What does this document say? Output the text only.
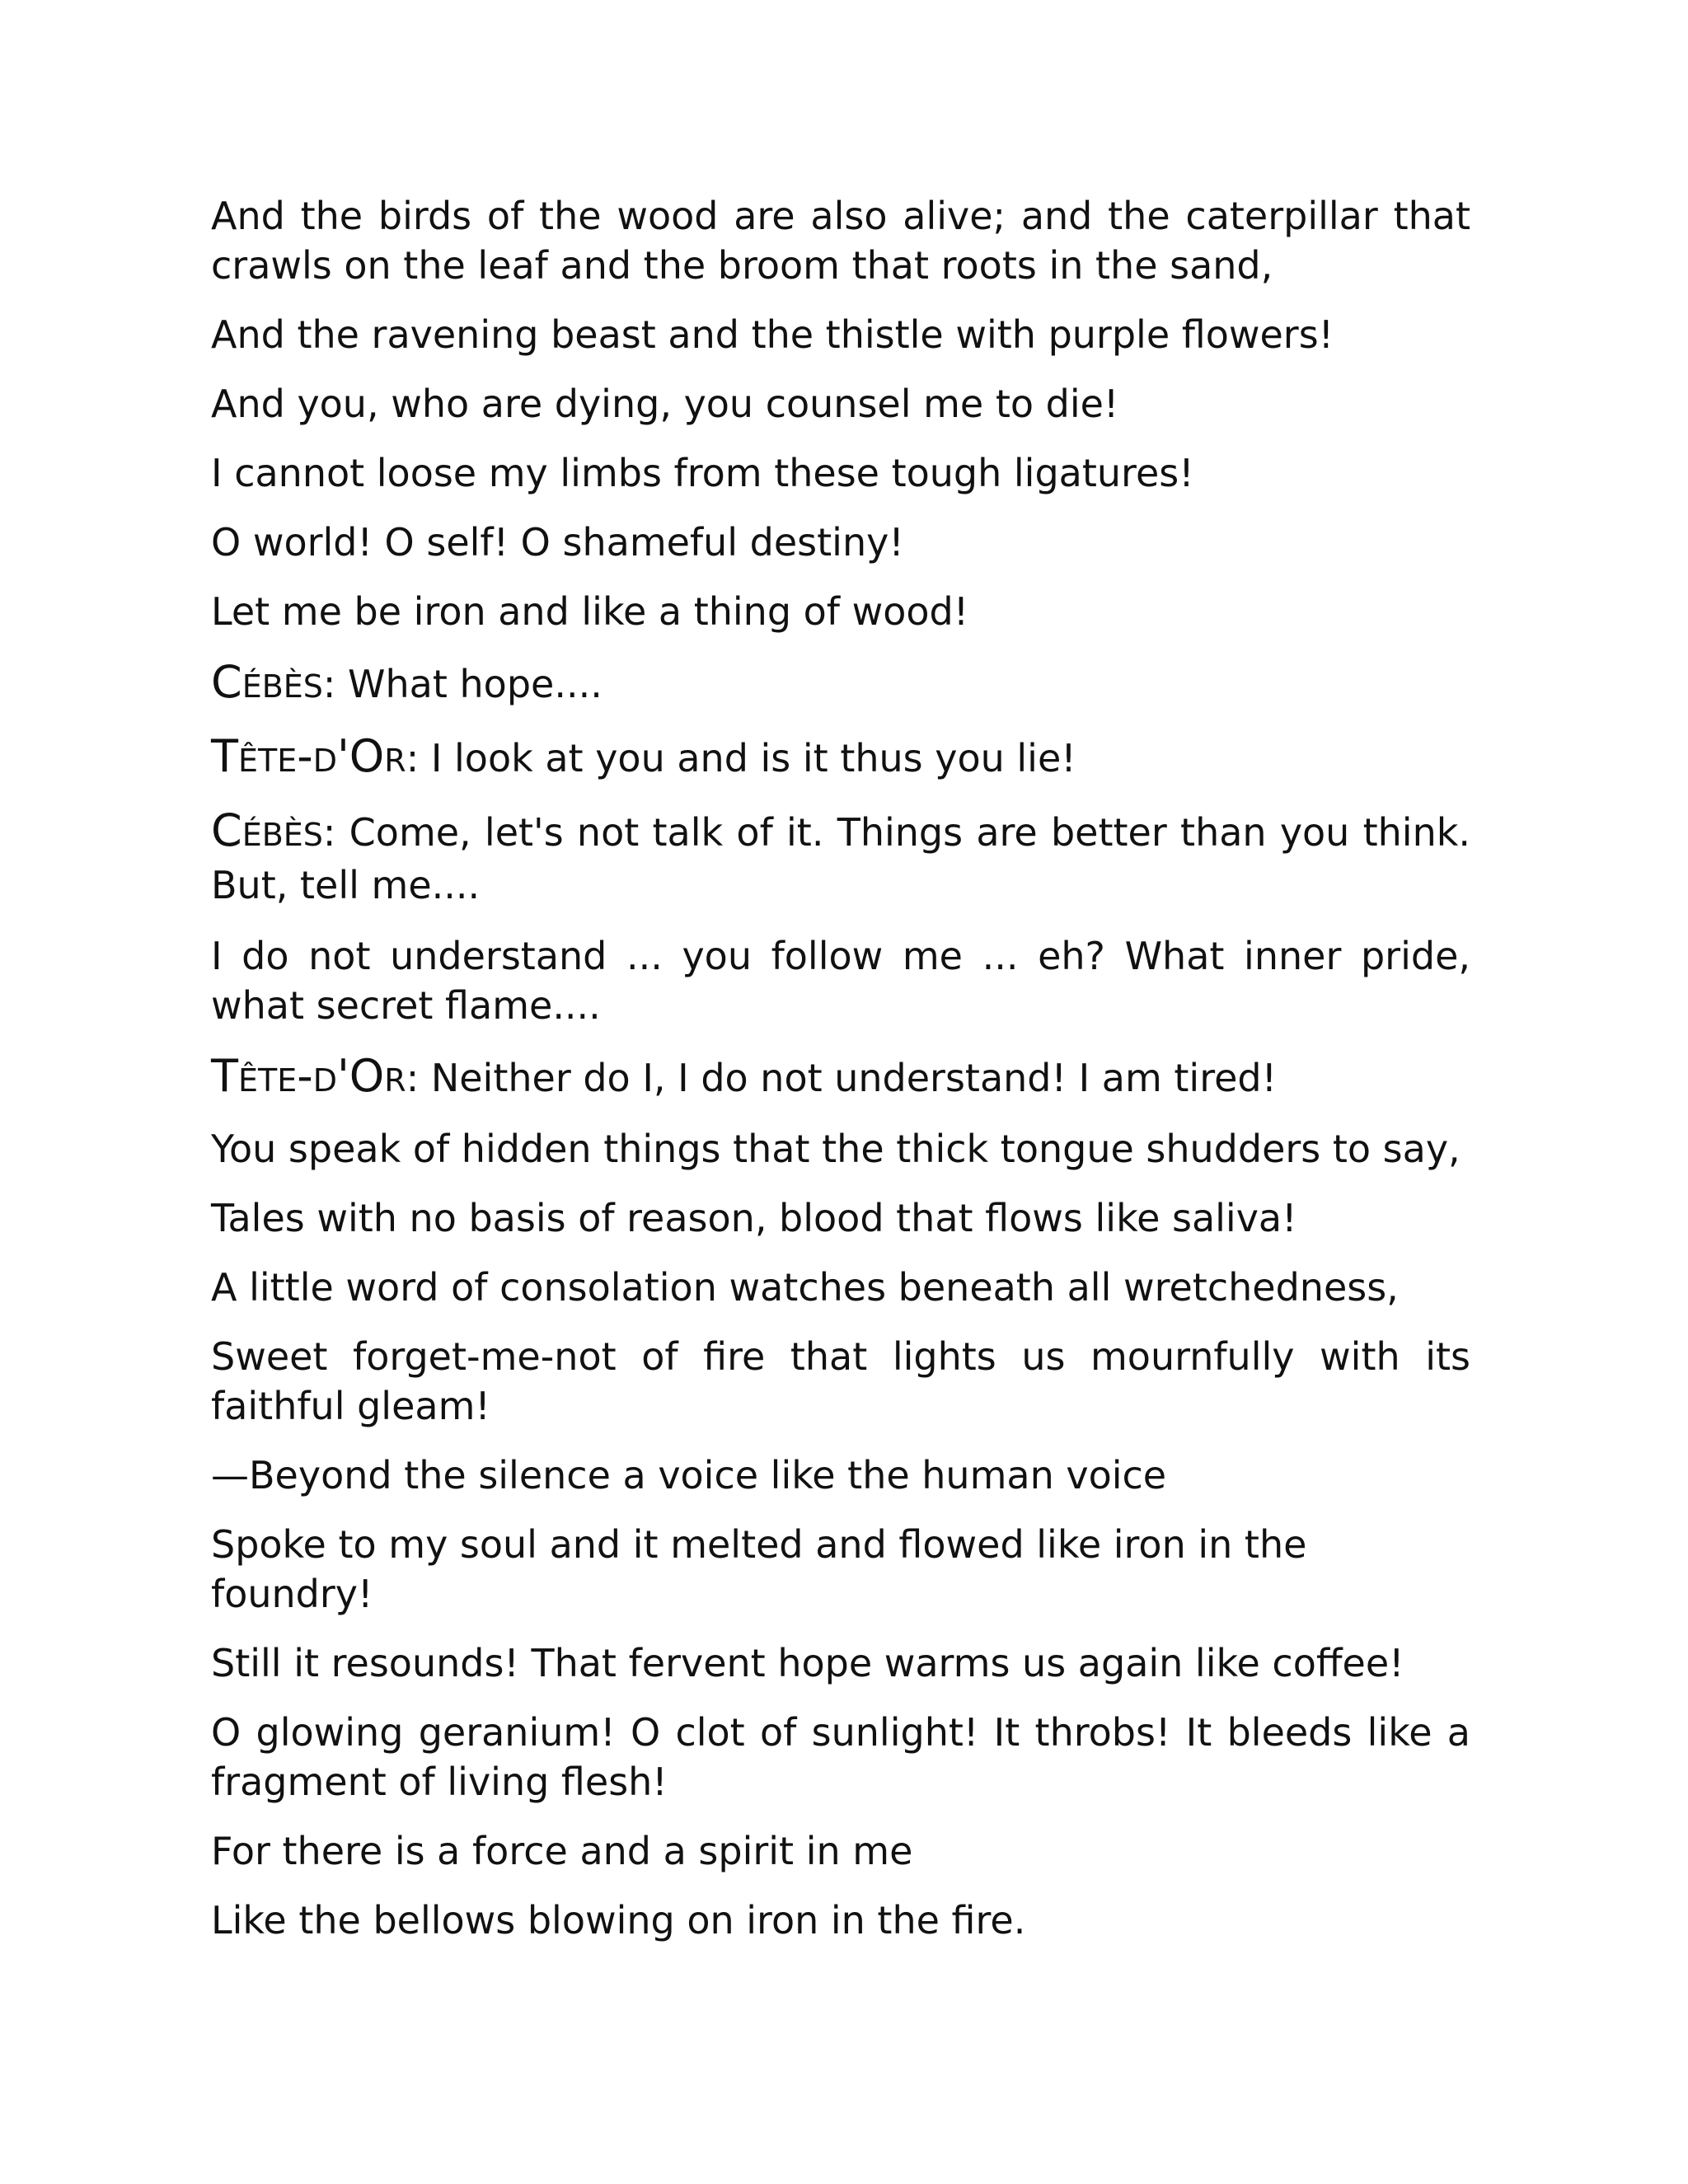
And the birds of the wood are also alive; and the caterpillar that crawls on the leaf and the broom that roots in the sand,

And the ravening beast and the thistle with purple flowers!

And you, who are dying, you counsel me to die!

I cannot loose my limbs from these tough ligatures!

O world! O self! O shameful destiny!

Let me be iron and like a thing of wood!

Cébès: What hope....

Tête-d'Or: I look at you and is it thus you lie!

Cébès: Come, let's not talk of it. Things are better than you think. But, tell me....

I do not understand ... you follow me ... eh? What inner pride, what secret flame....

Tête-d'Or: Neither do I, I do not understand! I am tired!

You speak of hidden things that the thick tongue shudders to say,

Tales with no basis of reason, blood that flows like saliva!

A little word of consolation watches beneath all wretchedness,

Sweet forget-me-not of fire that lights us mournfully with its faithful gleam!

—Beyond the silence a voice like the human voice

Spoke to my soul and it melted and flowed like iron in the foundry!

Still it resounds! That fervent hope warms us again like coffee!

O glowing geranium! O clot of sunlight! It throbs! It bleeds like a fragment of living flesh!

For there is a force and a spirit in me

Like the bellows blowing on iron in the fire.
